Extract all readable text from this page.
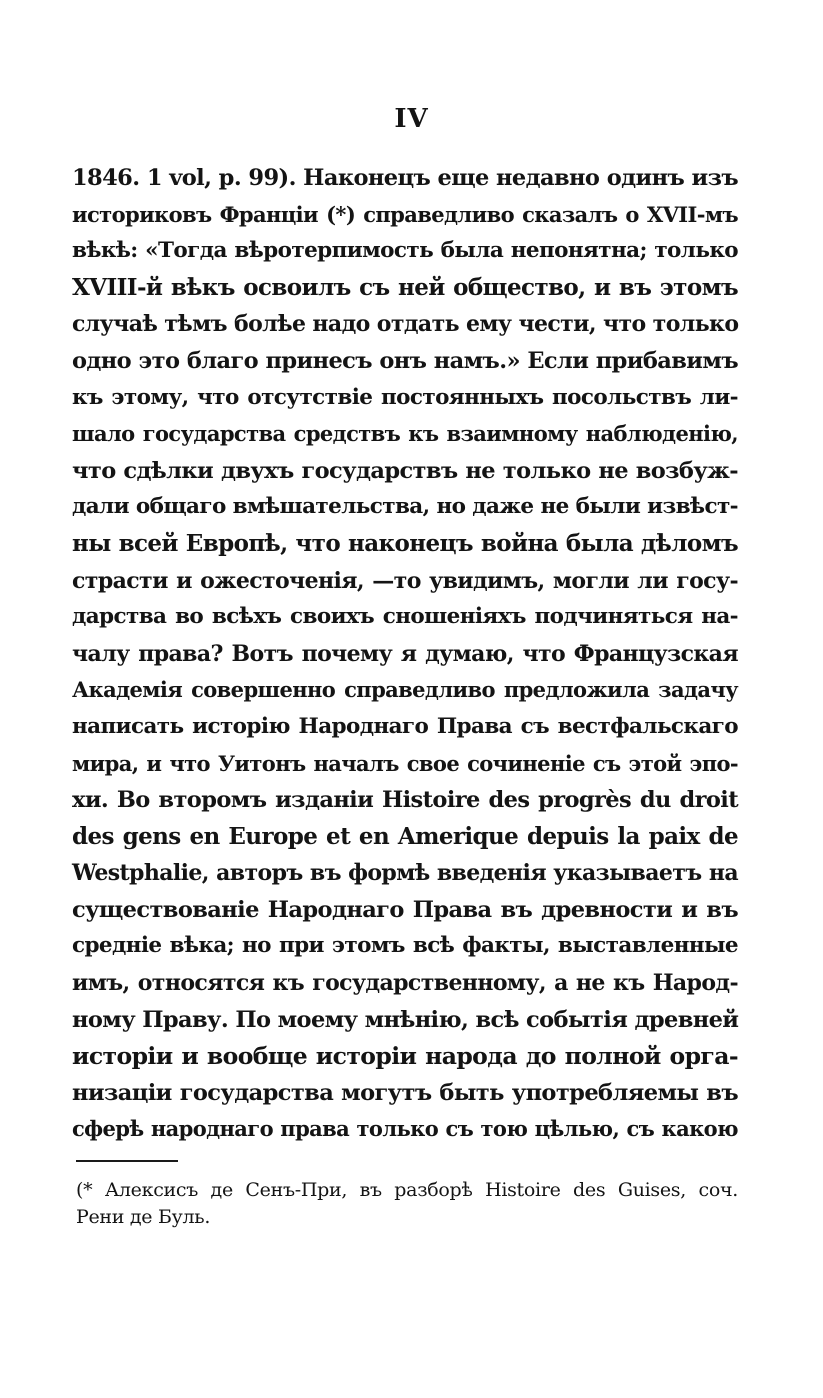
IV
1846. 1 vol, p. 99). Наконецъ еще недавно одинъ изъ
историковъ Франціи (*) справедливо сказалъ о XVII-мъ
вѣкѣ: «Тогда вѣротерпимость была непонятна; только
XVIII-й вѣкъ освоилъ съ ней общество, и въ этомъ
случаѣ тѣмъ болѣе надо отдать ему чести, что только
одно это благо принесъ онъ намъ.» Если прибавимъ
къ этому, что отсутствіе постоянныхъ посольствъ ли-
шало государства средствъ къ взаимному наблюденію,
что сдѣлки двухъ государствъ не только не возбуж-
дали общаго вмѣшательства, но даже не были извѣст-
ны всей Европѣ, что наконецъ война была дѣломъ
страсти и ожесточенія, —то увидимъ, могли ли госу-
дарства во всѣхъ своихъ сношеніяхъ подчиняться на-
чалу права? Вотъ почему я думаю, что Французская
Академія совершенно справедливо предложила задачу
написать исторію Народнаго Права съ вестфальскаго
мира, и что Уитонъ началъ свое сочиненіе съ этой эпо-
хи. Во второмъ изданіи Histoire des progrès du droit
des gens en Europe et en Amerique depuis la paix de
Westphalie, авторъ въ формѣ введенія указываетъ на
существованіе Народнаго Права въ древности и въ
средніе вѣка; но при этомъ всѣ факты, выставленные
имъ, относятся къ государственному, а не къ Народ-
ному Праву. По моему мнѣнію, всѣ событія древней
исторіи и вообще исторіи народа до полной орга-
низаціи государства могутъ быть употребляемы въ
сферѣ народнаго права только съ тою цѣлью, съ какою
(* Алексисъ де Сенъ-При, въ разборѣ Histoire des Guises, соч.
Рени де Буль.
